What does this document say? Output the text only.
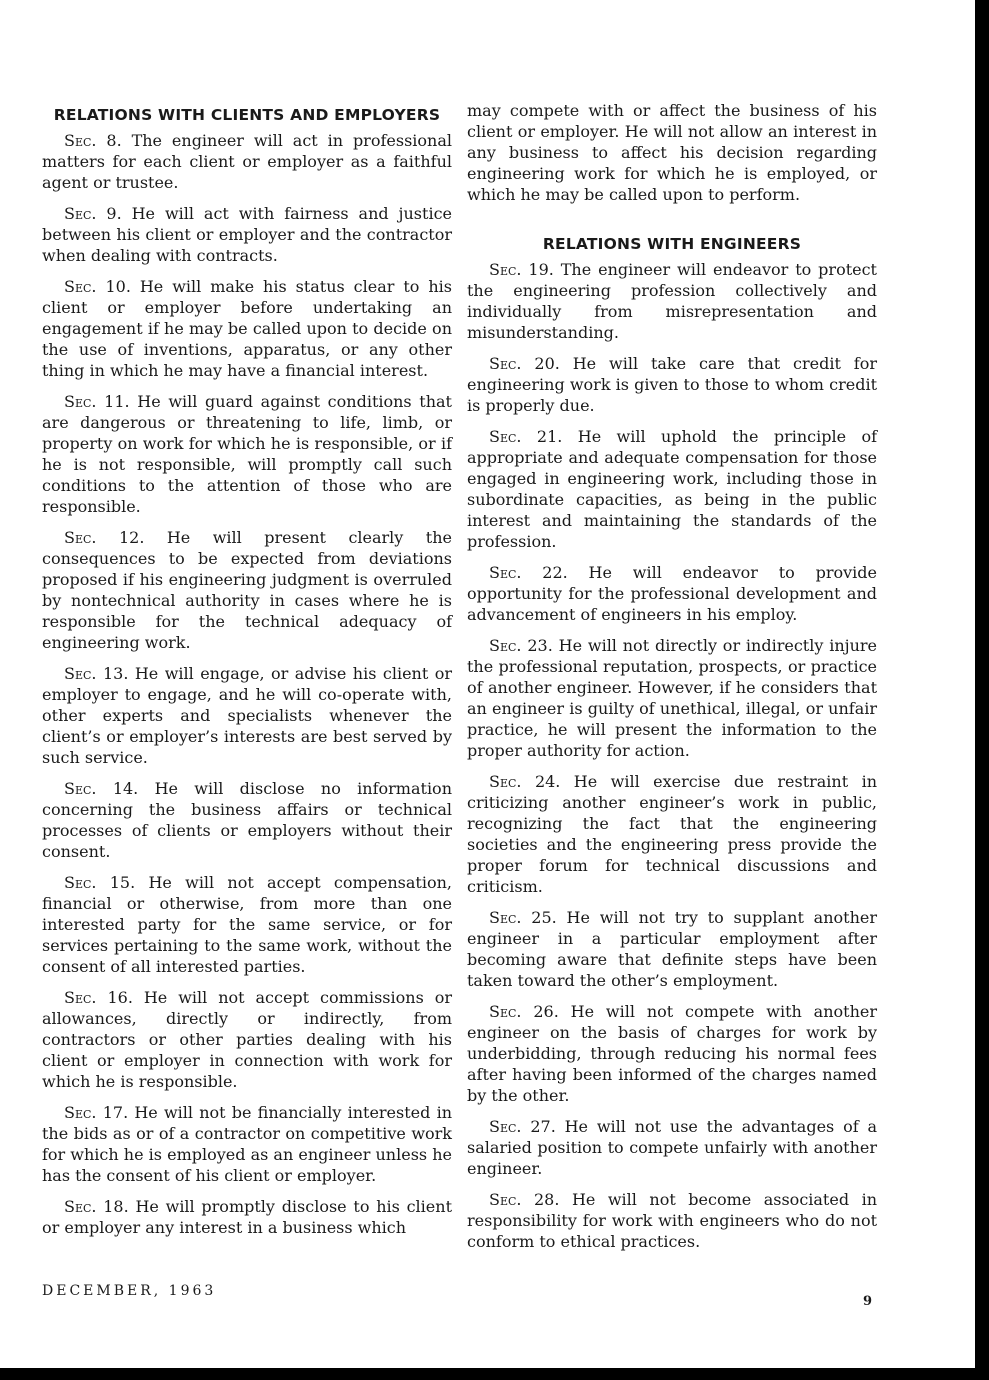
RELATIONS WITH CLIENTS AND EMPLOYERS

Sec. 8. The engineer will act in professional matters for each client or employer as a faithful agent or trustee.

Sec. 9. He will act with fairness and justice between his client or employer and the contractor when dealing with contracts.

Sec. 10. He will make his status clear to his client or employer before undertaking an engagement if he may be called upon to decide on the use of inventions, apparatus, or any other thing in which he may have a financial interest.

Sec. 11. He will guard against conditions that are dangerous or threatening to life, limb, or property on work for which he is responsible, or if he is not responsible, will promptly call such conditions to the attention of those who are responsible.

Sec. 12. He will present clearly the consequences to be expected from deviations proposed if his engineering judgment is overruled by nontechnical authority in cases where he is responsible for the technical adequacy of engineering work.

Sec. 13. He will engage, or advise his client or employer to engage, and he will co-operate with, other experts and specialists whenever the client’s or employer’s interests are best served by such service.

Sec. 14. He will disclose no information concerning the business affairs or technical processes of clients or employers without their consent.

Sec. 15. He will not accept compensation, financial or otherwise, from more than one interested party for the same service, or for services pertaining to the same work, without the consent of all interested parties.

Sec. 16. He will not accept commissions or allowances, directly or indirectly, from contractors or other parties dealing with his client or employer in connection with work for which he is responsible.

Sec. 17. He will not be financially interested in the bids as or of a contractor on competitive work for which he is employed as an engineer unless he has the consent of his client or employer.

Sec. 18. He will promptly disclose to his client or employer any interest in a business which

may compete with or affect the business of his client or employer. He will not allow an interest in any business to affect his decision regarding engineering work for which he is employed, or which he may be called upon to perform.

RELATIONS WITH ENGINEERS

Sec. 19. The engineer will endeavor to protect the engineering profession collectively and individually from misrepresentation and misunderstanding.

Sec. 20. He will take care that credit for engineering work is given to those to whom credit is properly due.

Sec. 21. He will uphold the principle of appropriate and adequate compensation for those engaged in engineering work, including those in subordinate capacities, as being in the public interest and maintaining the standards of the profession.

Sec. 22. He will endeavor to provide opportunity for the professional development and advancement of engineers in his employ.

Sec. 23. He will not directly or indirectly injure the professional reputation, prospects, or practice of another engineer. However, if he considers that an engineer is guilty of unethical, illegal, or unfair practice, he will present the information to the proper authority for action.

Sec. 24. He will exercise due restraint in criticizing another engineer’s work in public, recognizing the fact that the engineering societies and the engineering press provide the proper forum for technical discussions and criticism.

Sec. 25. He will not try to supplant another engineer in a particular employment after becoming aware that definite steps have been taken toward the other’s employment.

Sec. 26. He will not compete with another engineer on the basis of charges for work by underbidding, through reducing his normal fees after having been informed of the charges named by the other.

Sec. 27. He will not use the advantages of a salaried position to compete unfairly with another engineer.

Sec. 28. He will not become associated in responsibility for work with engineers who do not conform to ethical practices.

DECEMBER, 1963
9
